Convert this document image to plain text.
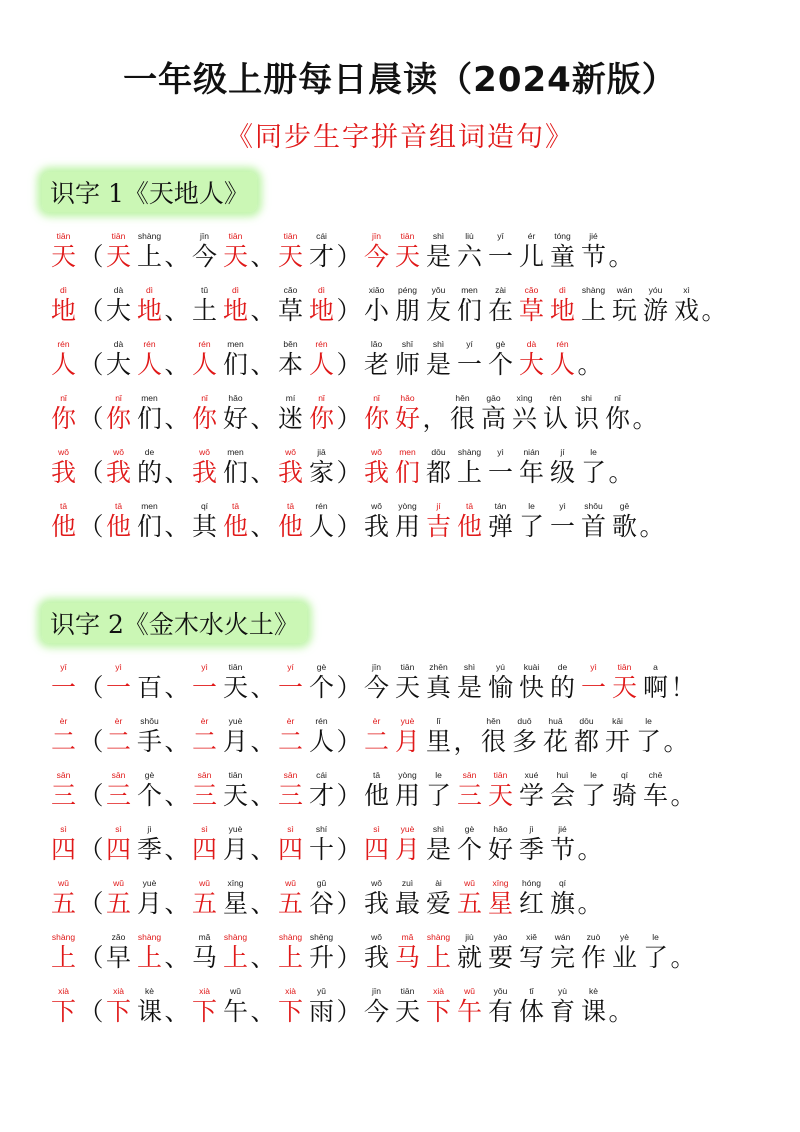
一年级上册每日晨读（2024新版）
《同步生字拼音组词造句》
识字 1《天地人》
tiān
天 （
tiān
天
shàng
上 、
jīn
今
tiān
天 、
tiān
天
cái
才 ）
jīn
今
tiān
天
shì
是
liù
六
yī
一
ér
儿
tóng
童
jié
节 。
dì
地 （
dà
大
dì
地 、
tǔ
土
dì
地 、
cǎo
草
dì
地 ）
xiǎo
小
péng
朋
yǒu
友
men
们
zài
在
cǎo
草
dì
地
shàng
上
wán
玩
yóu
游
xì
戏 。
rén
人 （
dà
大
rén
人 、
rén
人
men
们 、
běn
本
rén
人 ）
lǎo
老
shī
师
shì
是
yí
一
gè
个
dà
大
rén
人 。
nǐ
你 （
nǐ
你
men
们 、
nǐ
你
hǎo
好 、
mí
迷
nǐ
你 ）
nǐ
你
hǎo
好 ，
hěn
很
gāo
高
xìng
兴
rèn
认
shi
识
nǐ
你 。
wǒ
我 （
wǒ
我
de
的 、
wǒ
我
men
们 、
wǒ
我
jiā
家 ）
wǒ
我
men
们
dōu
都
shàng
上
yì
一
nián
年
jí
级
le
了 。
tā
他 （
tā
他
men
们 、
qí
其
tā
他 、
tā
他
rén
人 ）
wǒ
我
yòng
用
jí
吉
tā
他
tán
弹
le
了
yì
一
shǒu
首
gē
歌 。
识字 2《金木水火土》
yī
一 （
yì
一 百 、
yì
一
tiān
天 、
yí
一
gè
个 ）
jīn
今
tiān
天
zhēn
真
shì
是
yú
愉
kuài
快
de
的
yì
一
tiān
天
a
啊 ！
èr
二 （
èr
二
shǒu
手 、
èr
二
yuè
月 、
èr
二
rén
人 ）
èr
二
yuè
月
lǐ
里 ，
hěn
很
duō
多
huā
花
dōu
都
kāi
开
le
了 。
sān
三 （
sān
三
gè
个 、
sān
三
tiān
天 、
sān
三
cái
才 ）
tā
他
yòng
用
le
了
sān
三
tiān
天
xué
学
huì
会
le
了
qí
骑
chē
车 。
sì
四 （
sì
四
jì
季 、
sì
四
yuè
月 、
sì
四
shí
十 ）
sì
四
yuè
月
shì
是
gè
个
hǎo
好
jì
季
jié
节 。
wǔ
五 （
wǔ
五
yuè
月 、
wǔ
五
xīng
星 、
wǔ
五
gǔ
谷 ）
wǒ
我
zuì
最
ài
爱
wǔ
五
xīng
星
hóng
红
qí
旗 。
shàng
上 （
zǎo
早
shàng
上 、
mǎ
马
shàng
上 、
shàng
上
shēng
升 ）
wǒ
我
mǎ
马
shàng
上
jiù
就
yào
要
xiě
写
wán
完
zuò
作
yè
业
le
了 。
xià
下 （
xià
下
kè
课 、
xià
下
wǔ
午 、
xià
下
yǔ
雨 ）
jīn
今
tiān
天
xià
下
wǔ
午
yǒu
有
tǐ
体
yù
育
kè
课 。
